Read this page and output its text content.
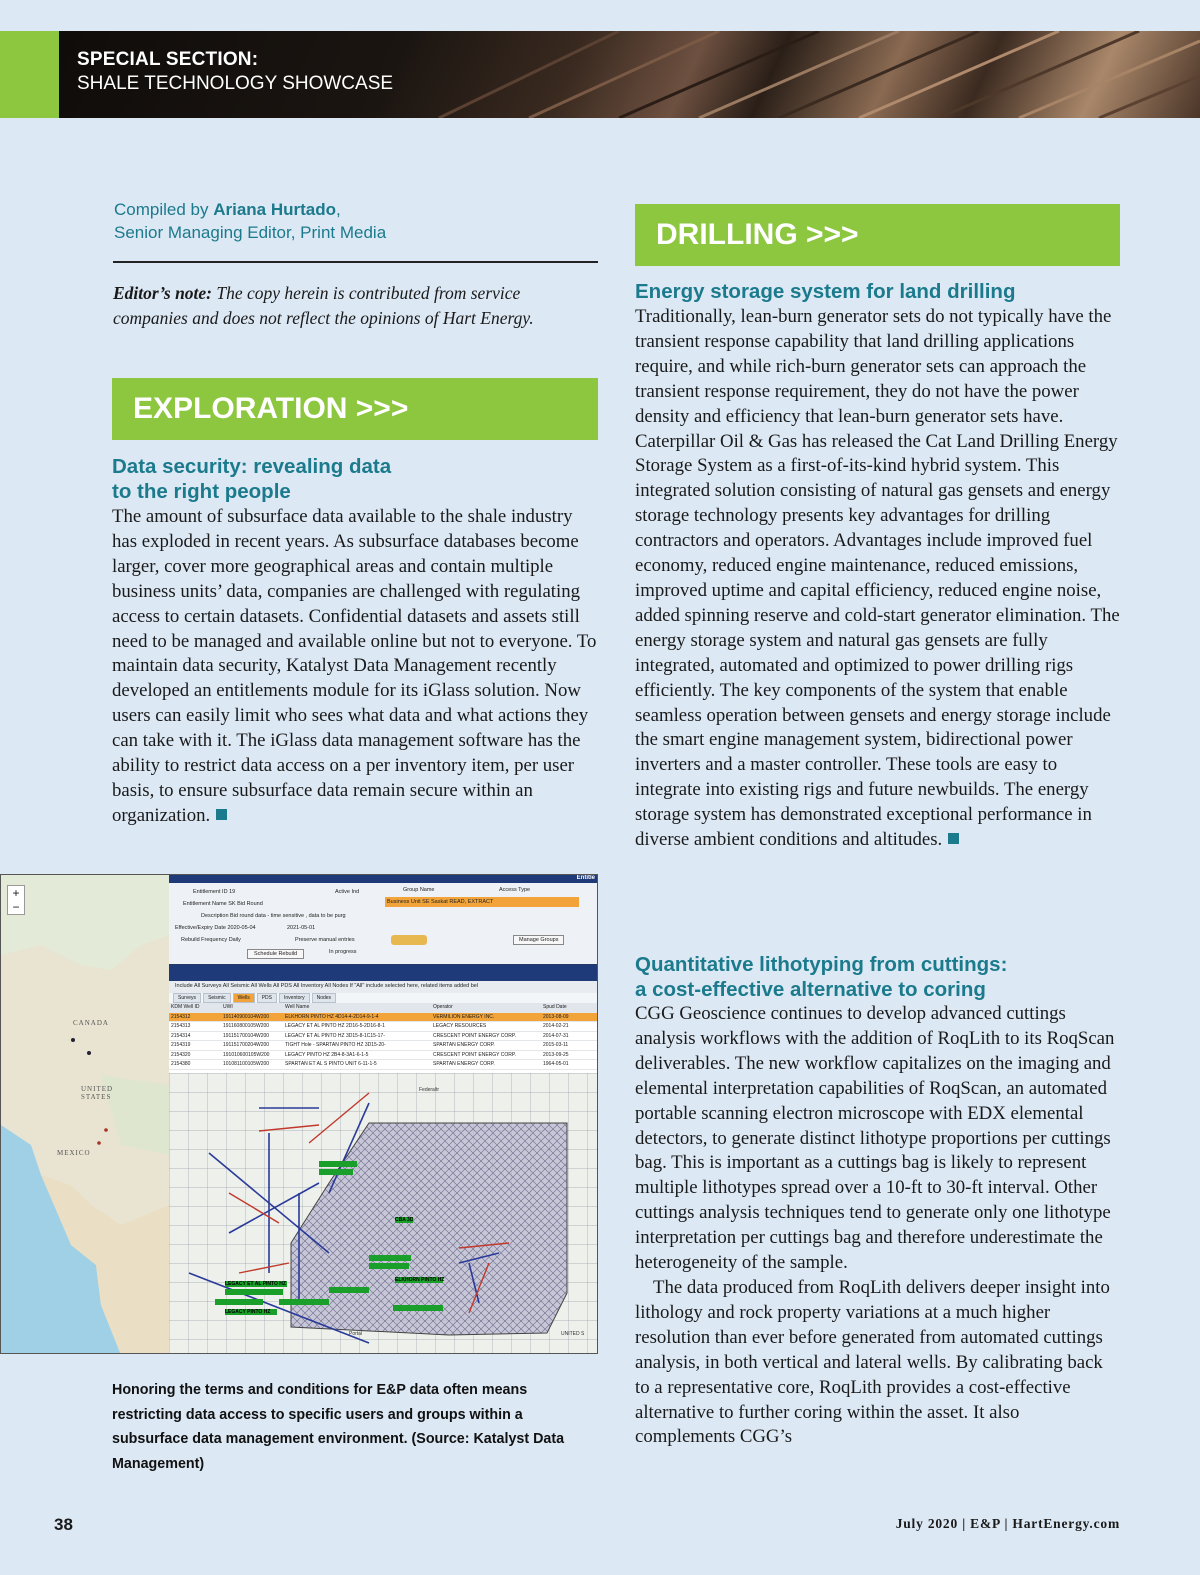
SPECIAL SECTION:
SHALE TECHNOLOGY SHOWCASE
Compiled by Ariana Hurtado,
Senior Managing Editor, Print Media
Editor’s note: The copy herein is contributed from service companies and does not reflect the opinions of Hart Energy.
EXPLORATION >>>
Data security: revealing data
to the right people

The amount of subsurface data available to the shale industry has exploded in recent years. As subsurface databases become larger, cover more geographical areas and contain multiple business units’ data, companies are challenged with regulating access to certain datasets. Confidential datasets and assets still need to be managed and available online but not to everyone. To maintain data security, Katalyst Data Management recently developed an entitlements module for its iGlass solution. Now users can easily limit who sees what data and what actions they can take with it. The iGlass data management software has the ability to restrict data access on a per inventory item, per user basis, to ensure subsurface data remain secure within an organization.

+
−
CANADA
UNITED STATES
MEXICO
Entitle
Entitlement ID 19
Entitlement Name SK Bid Round
Description Bid round data - time sensitive , data to be purg
Effective/Expiry Date 2020-05-04	2021-05-01
Rebuild Frequency Daily	Preserve manual entries
Schedule Rebuild	In progress
Active Ind	Group Name	Access Type
Business Unit SE Saskat READ, EXTRACT
Manage Groups
Include All Surveys All Seismic All Wells All PDS All Inventory All Nodes If "All" include selected here, related items added bel
Surveys	Seismic	Wells	PDS	Inventory	Nodes
KDM Well ID	UWI	Well Name	Operator	Spud Date
2154312	191140900104W200	ELKHORN PINTO HZ 4D14-4-2D14-9-1-4	VERMILION ENERGY INC.	2013-08-09
2154313	191160800105W200	LEGACY ET AL PINTO HZ 2D16-5-2D16-8-1	LEGACY RESOURCES	2014-02-21
2154314	191151700104W200	LEGACY ET AL PINTO HZ 3D15-8-1C15-17-	CRESCENT POINT ENERGY CORP.	2014-07-31
2154319	191151700204W200	TIGHT Hole - SPARTAN PINTO HZ 3D15-20-	SPARTAN ENERGY CORP.	2015-03-11
2154320	191010600105W200	LEGACY PINTO HZ 2B4-8-3A1-6-1-5	CRESCENT POINT ENERGY CORP.	2013-09-25
2154380	101081100105W200	SPARTAN ET AL S PINTO UNIT 6-11-1-5	SPARTAN ENERGY CORP.	1964-05-01
CBA 3D
LEGACY ET AL PINTO HZ
LEGACY PINTO HZ
ELKHORN PINTO HZ
Federaltr
Portal	UNITED S
Honoring the terms and conditions for E&P data often means restricting data access to specific users and groups within a subsurface data management environment. (Source: Katalyst Data Management)
DRILLING >>>
Energy storage system for land drilling

Traditionally, lean-burn generator sets do not typically have the transient response capability that land drilling applications require, and while rich-burn generator sets can approach the transient response requirement, they do not have the power density and efficiency that lean-burn generator sets have. Caterpillar Oil & Gas has released the Cat Land Drilling Energy Storage System as a first-of-its-kind hybrid system. This integrated solution consisting of natural gas gensets and energy storage technology presents key advantages for drilling contractors and operators. Advantages include improved fuel economy, reduced engine maintenance, reduced emissions, improved uptime and capital efficiency, reduced engine noise, added spinning reserve and cold-start generator elimination. The energy storage system and natural gas gensets are fully integrated, automated and optimized to power drilling rigs efficiently. The key components of the system that enable seamless operation between gensets and energy storage include the smart engine management system, bidirectional power inverters and a master controller. These tools are easy to integrate into existing rigs and future newbuilds. The energy storage system has demonstrated exceptional performance in diverse ambient conditions and altitudes.

Quantitative lithotyping from cuttings:
a cost-effective alternative to coring

CGG Geoscience continues to develop advanced cuttings analysis workflows with the addition of RoqLith to its RoqScan deliverables. The new workflow capitalizes on the imaging and elemental interpretation capabilities of RoqScan, an automated portable scanning electron microscope with EDX elemental detectors, to generate distinct lithotype proportions per cuttings bag. This is important as a cuttings bag is likely to represent multiple lithotypes spread over a 10-ft to 30-ft interval. Other cuttings analysis techniques tend to generate only one lithotype interpretation per cuttings bag and therefore underestimate the heterogeneity of the sample.

The data produced from RoqLith delivers deeper insight into lithology and rock property variations at a much higher resolution than ever before generated from automated cuttings analysis, in both vertical and lateral wells. By calibrating back to a representative core, RoqLith provides a cost-effective alternative to further coring within the asset. It also complements CGG’s

38	July 2020 | E&P | HartEnergy.com
